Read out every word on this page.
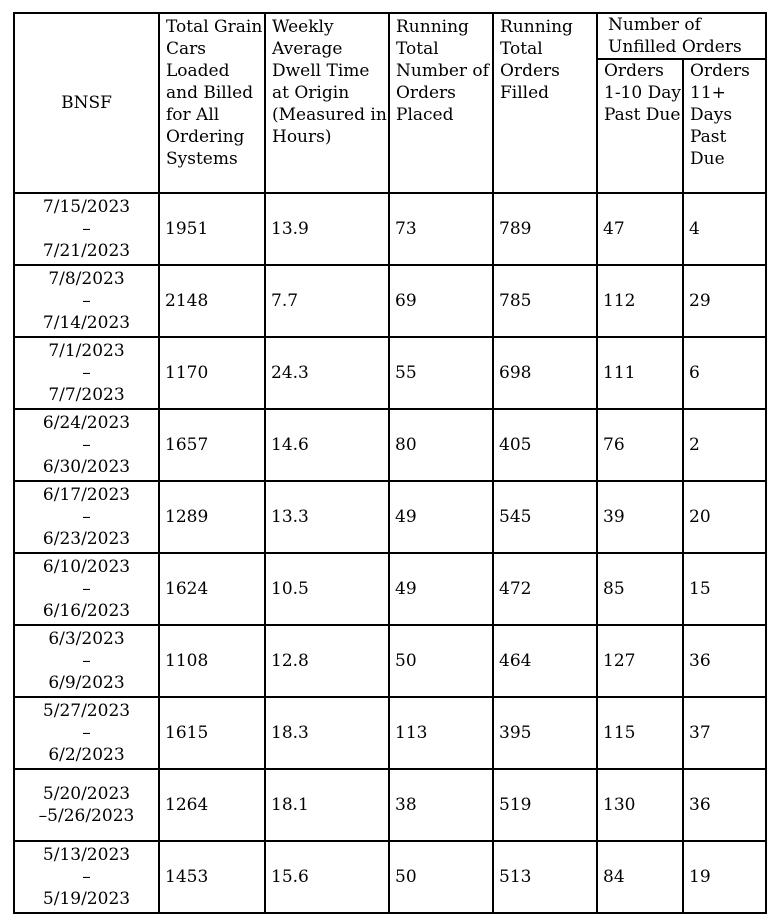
BNSF	Total Grain Cars Loaded and Billed for All Ordering Systems	Weekly Average Dwell Time at Origin (Measured in Hours)	Running Total Number of Orders Placed	Running Total Orders Filled	Number of Unfilled Orders	
					Orders 1-10 Day Past Due	Orders 11+ Days Past Due

7/15/2023
–
7/21/2023	1951	13.9	73	789	47	4

7/8/2023
–
7/14/2023	2148	7.7	69	785	112	29

7/1/2023
–
7/7/2023	1170	24.3	55	698	111	6

6/24/2023
–
6/30/2023	1657	14.6	80	405	76	2

6/17/2023
–
6/23/2023	1289	13.3	49	545	39	20

6/10/2023
–
6/16/2023	1624	10.5	49	472	85	15

6/3/2023
–
6/9/2023	1108	12.8	50	464	127	36

5/27/2023
–
6/2/2023	1615	18.3	113	395	115	37

5/20/2023
–5/26/2023	1264	18.1	38	519	130	36

5/13/2023
–
5/19/2023	1453	15.6	50	513	84	19
